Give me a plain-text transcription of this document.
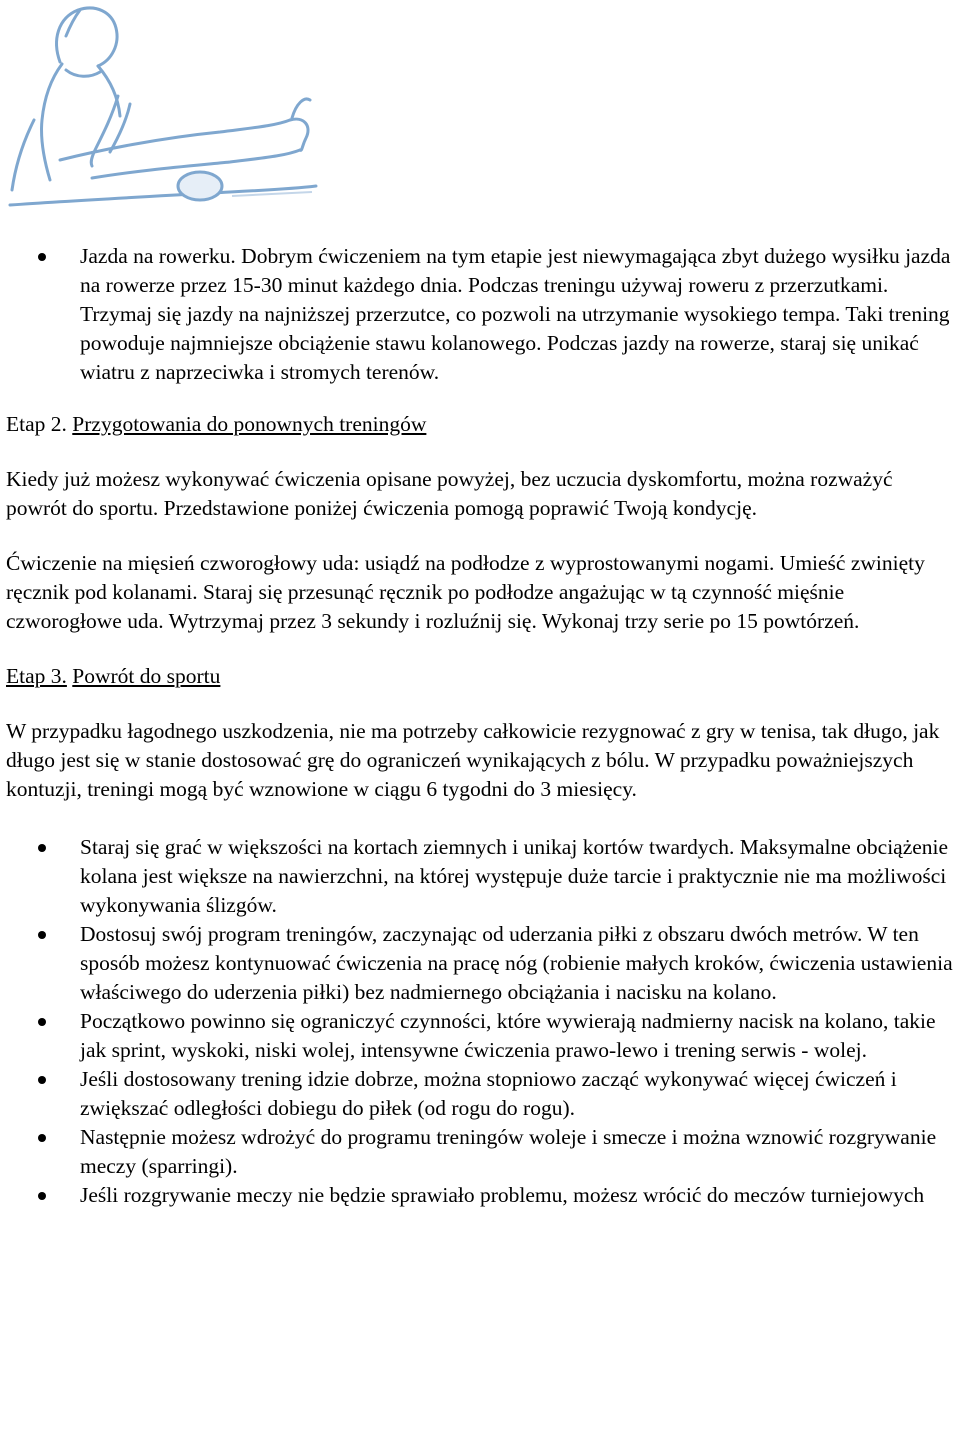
Jazda na rowerku. Dobrym ćwiczeniem na tym etapie jest niewymagająca zbyt dużego wysiłku jazda na rowerze przez 15-30 minut każdego dnia. Podczas treningu używaj roweru z przerzutkami. Trzymaj się jazdy na najniższej przerzutce, co pozwoli na utrzymanie wysokiego tempa. Taki trening powoduje najmniejsze obciążenie stawu kolanowego. Podczas jazdy na rowerze, staraj się unikać wiatru z naprzeciwka i stromych terenów.
Etap 2. Przygotowania do ponownych treningów

Kiedy już możesz wykonywać ćwiczenia opisane powyżej, bez uczucia dyskomfortu, można rozważyć powrót do sportu. Przedstawione poniżej ćwiczenia pomogą poprawić Twoją kondycję.

Ćwiczenie na mięsień czworogłowy uda: usiądź na podłodze z wyprostowanymi nogami. Umieść zwinięty ręcznik pod kolanami. Staraj się przesunąć ręcznik po podłodze angażując w tą czynność mięśnie czworogłowe uda. Wytrzymaj przez 3 sekundy i rozluźnij się. Wykonaj trzy serie po 15 powtórzeń.

Etap 3. Powrót do sportu

W przypadku łagodnego uszkodzenia, nie ma potrzeby całkowicie rezygnować z gry w tenisa, tak długo, jak długo jest się w stanie dostosować grę do ograniczeń wynikających z bólu. W przypadku poważniejszych kontuzji, treningi mogą być wznowione w ciągu 6 tygodni do 3 miesięcy.

Staraj się grać w większości na kortach ziemnych i unikaj kortów twardych. Maksymalne obciążenie kolana jest większe na nawierzchni, na której występuje duże tarcie i praktycznie nie ma możliwości wykonywania ślizgów.
Dostosuj swój program treningów, zaczynając od uderzania piłki z obszaru dwóch metrów. W ten sposób możesz kontynuować ćwiczenia na pracę nóg (robienie małych kroków, ćwiczenia ustawienia właściwego do uderzenia piłki) bez nadmiernego obciążania i nacisku na kolano.
Początkowo powinno się ograniczyć czynności, które wywierają nadmierny nacisk na kolano, takie jak sprint, wyskoki, niski wolej, intensywne ćwiczenia prawo-lewo i trening serwis - wolej.
Jeśli dostosowany trening idzie dobrze, można stopniowo zacząć wykonywać więcej ćwiczeń i zwiększać odległości dobiegu do piłek (od rogu do rogu).
Następnie możesz wdrożyć do programu treningów woleje i smecze i można wznowić rozgrywanie meczy (sparringi).
Jeśli rozgrywanie meczy nie będzie sprawiało problemu, możesz wrócić do meczów turniejowych
